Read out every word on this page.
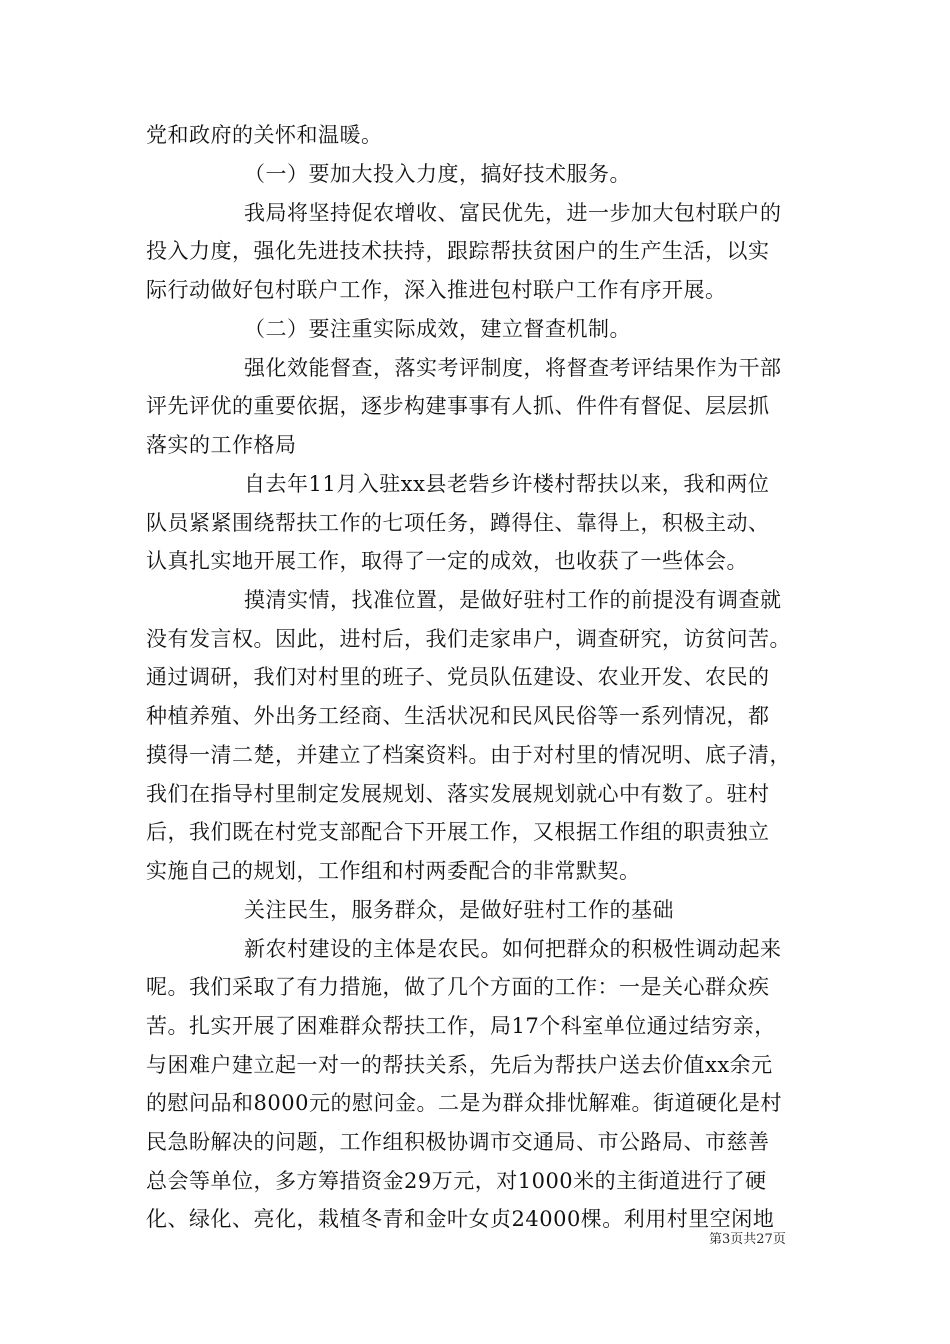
党和政府的关怀和温暖。
（一）要加大投入力度，搞好技术服务。
我局将坚持促农增收、富民优先，进一步加大包村联户的
投入力度，强化先进技术扶持，跟踪帮扶贫困户的生产生活，以实
际行动做好包村联户工作，深入推进包村联户工作有序开展。
（二）要注重实际成效，建立督查机制。
强化效能督查，落实考评制度，将督查考评结果作为干部
评先评优的重要依据，逐步构建事事有人抓、件件有督促、层层抓
落实的工作格局
自去年11月入驻xx县老砦乡许楼村帮扶以来，我和两位
队员紧紧围绕帮扶工作的七项任务，蹲得住、靠得上，积极主动、
认真扎实地开展工作，取得了一定的成效，也收获了一些体会。
摸清实情，找准位置，是做好驻村工作的前提没有调查就
没有发言权。因此，进村后，我们走家串户，调查研究，访贫问苦。
通过调研，我们对村里的班子、党员队伍建设、农业开发、农民的
种植养殖、外出务工经商、生活状况和民风民俗等一系列情况，都
摸得一清二楚，并建立了档案资料。由于对村里的情况明、底子清，
我们在指导村里制定发展规划、落实发展规划就心中有数了。驻村
后，我们既在村党支部配合下开展工作，又根据工作组的职责独立
实施自己的规划，工作组和村两委配合的非常默契。
关注民生，服务群众，是做好驻村工作的基础
新农村建设的主体是农民。如何把群众的积极性调动起来
呢。我们采取了有力措施，做了几个方面的工作：一是关心群众疾
苦。扎实开展了困难群众帮扶工作，局17个科室单位通过结穷亲，
与困难户建立起一对一的帮扶关系，先后为帮扶户送去价值xx余元
的慰问品和8000元的慰问金。二是为群众排忧解难。街道硬化是村
民急盼解决的问题，工作组积极协调市交通局、市公路局、市慈善
总会等单位，多方筹措资金29万元，对1000米的主街道进行了硬
化、绿化、亮化，栽植冬青和金叶女贞24000棵。利用村里空闲地
第3页共27页
